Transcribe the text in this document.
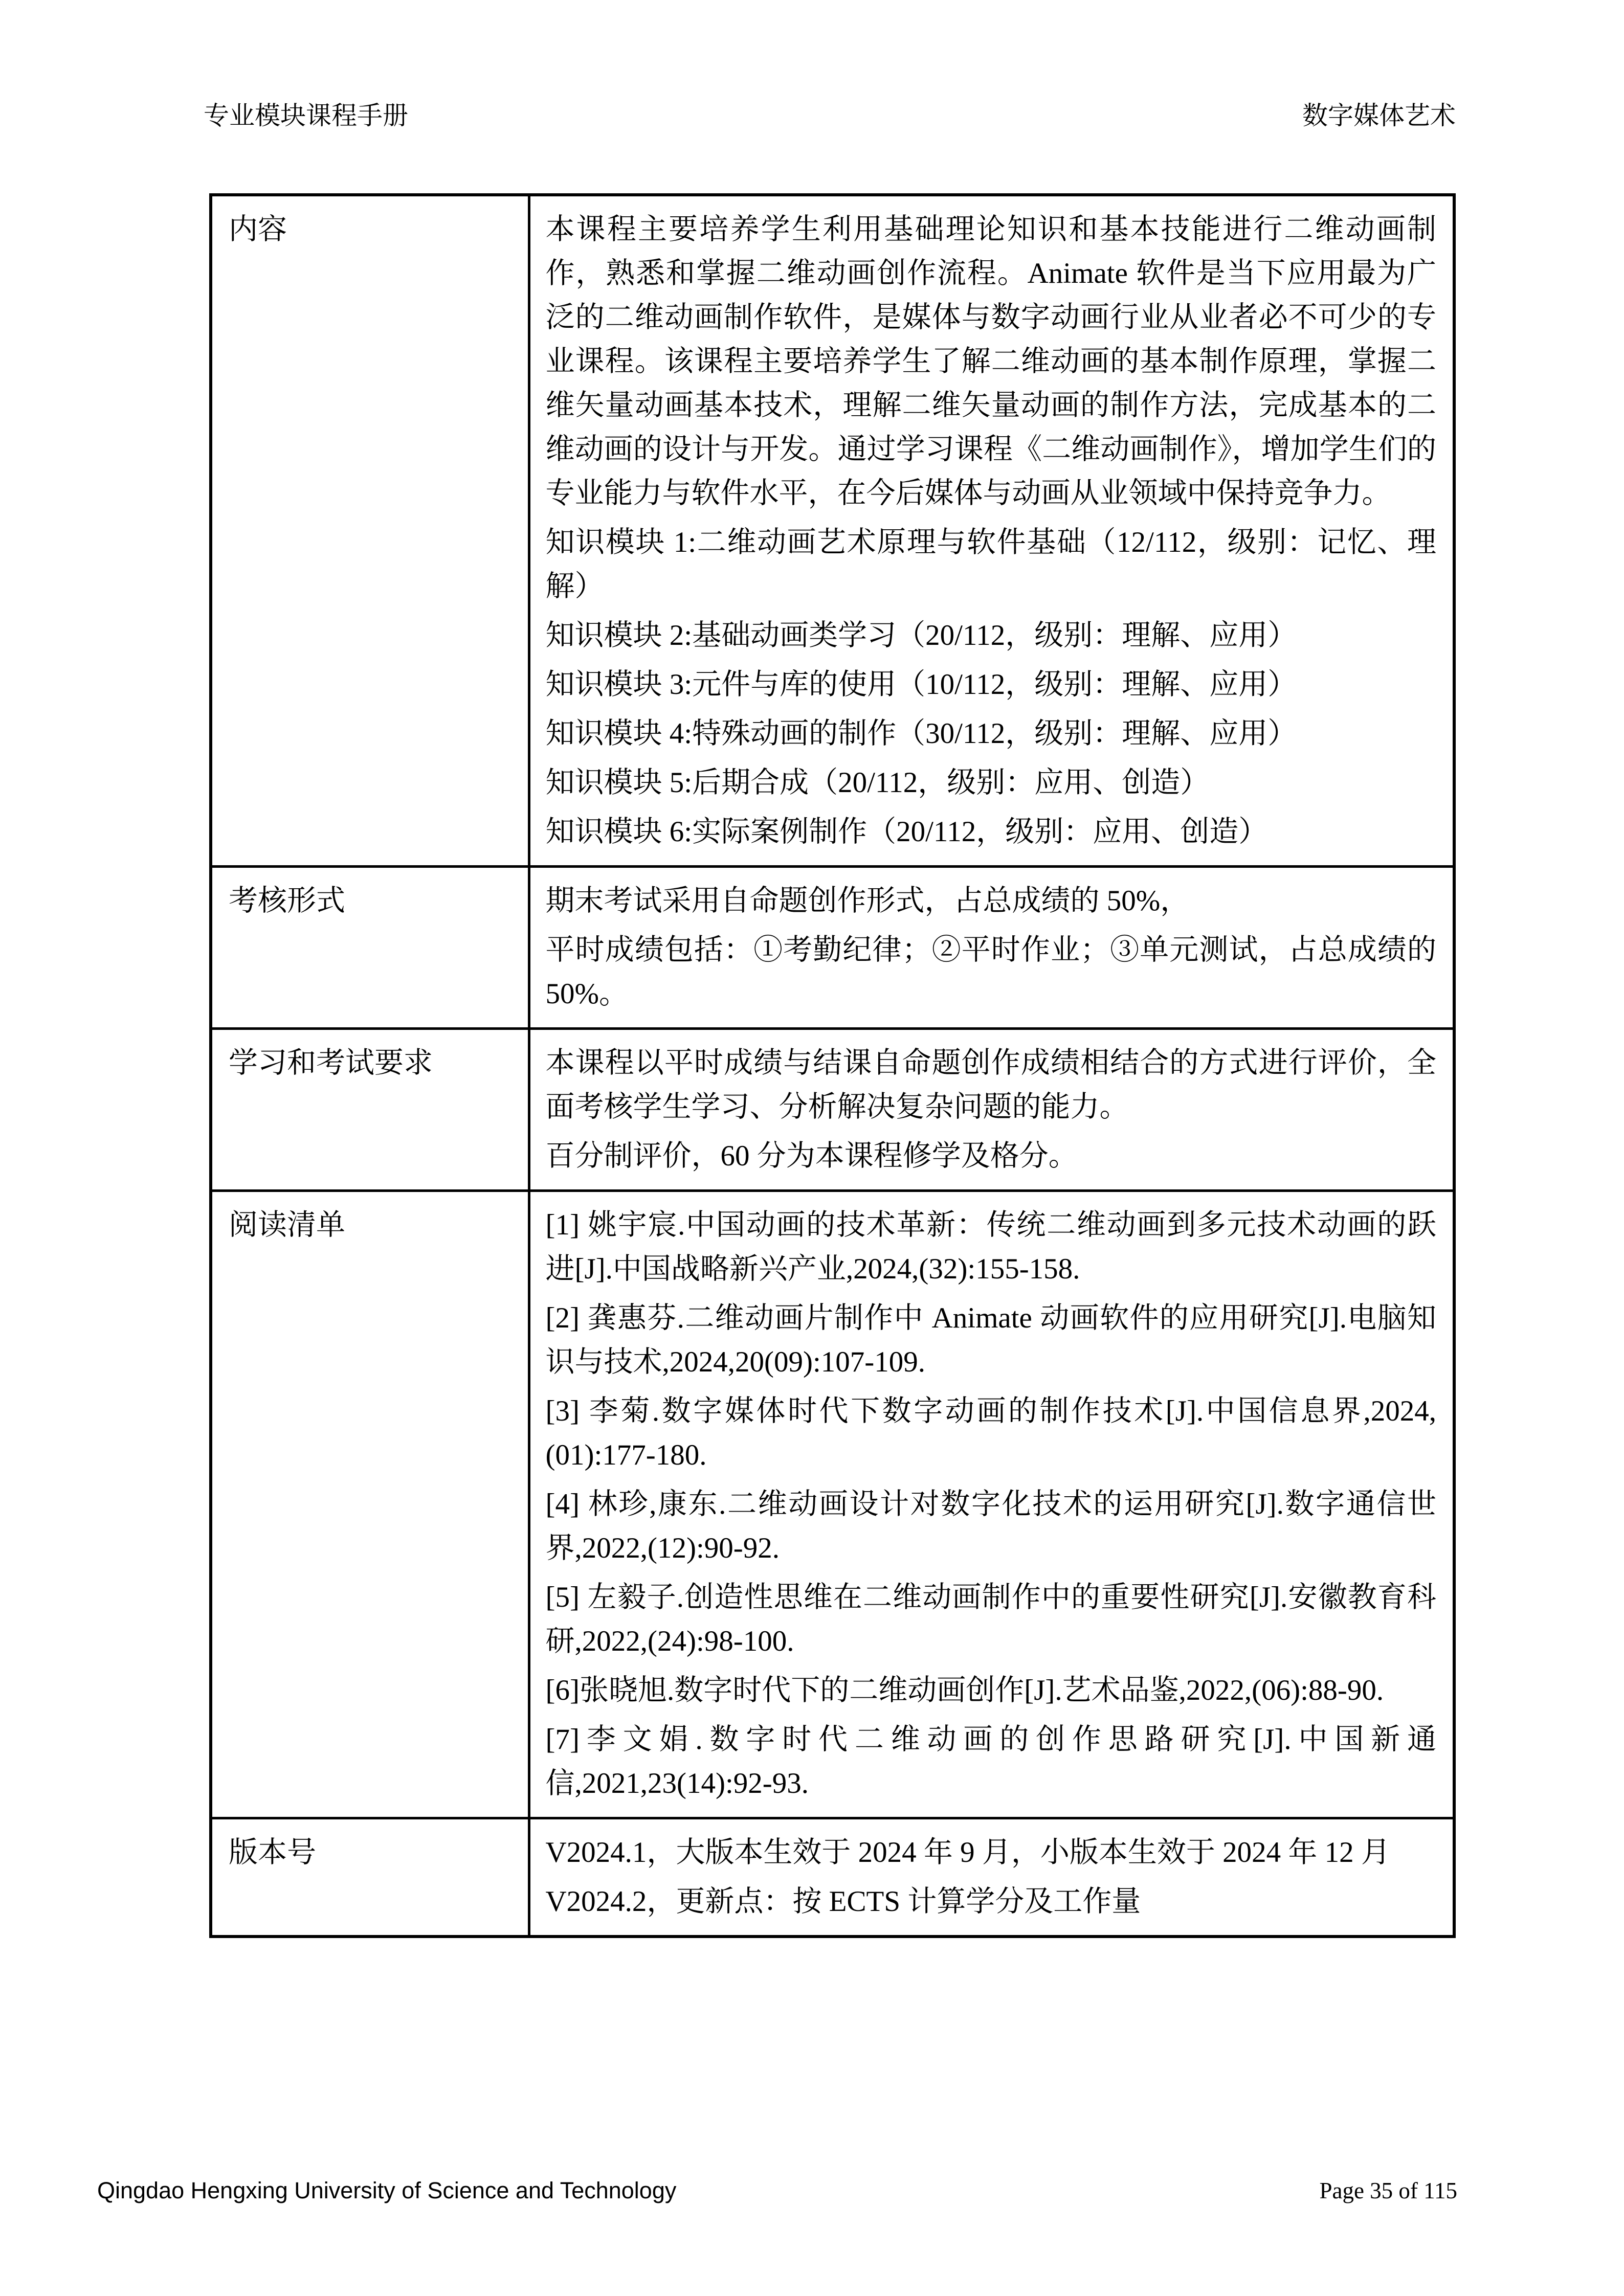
专业模块课程手册	数字媒体艺术
内容	本课程主要培养学生利用基础理论知识和基本技能进行二维动画制作，熟悉和掌握二维动画创作流程。Animate 软件是当下应用最为广泛的二维动画制作软件，是媒体与数字动画行业从业者必不可少的专业课程。该课程主要培养学生了解二维动画的基本制作原理，掌握二维矢量动画基本技术，理解二维矢量动画的制作方法，完成基本的二维动画的设计与开发。通过学习课程《二维动画制作》，增加学生们的专业能力与软件水平，在今后媒体与动画从业领域中保持竞争力。

知识模块 1:二维动画艺术原理与软件基础（12/112，级别：记忆、理解）

知识模块 2:基础动画类学习（20/112，级别：理解、应用）

知识模块 3:元件与库的使用（10/112，级别：理解、应用）

知识模块 4:特殊动画的制作（30/112，级别：理解、应用）

知识模块 5:后期合成（20/112，级别：应用、创造）

知识模块 6:实际案例制作（20/112，级别：应用、创造）

考核形式	期末考试采用自命题创作形式，占总成绩的 50%，

平时成绩包括：①考勤纪律；②平时作业；③单元测试，占总成绩的 50%。

学习和考试要求	本课程以平时成绩与结课自命题创作成绩相结合的方式进行评价，全面考核学生学习、分析解决复杂问题的能力。

百分制评价，60 分为本课程修学及格分。

阅读清单	[1] 姚宇宸.中国动画的技术革新：传统二维动画到多元技术动画的跃进[J].中国战略新兴产业,2024,(32):155-158.

[2] 龚惠芬.二维动画片制作中 Animate 动画软件的应用研究[J].电脑知识与技术,2024,20(09):107-109.

[3] 李菊.数字媒体时代下数字动画的制作技术[J].中国信息界,2024,(01):177-180.

[4] 林珍,康东.二维动画设计对数字化技术的运用研究[J].数字通信世界,2022,(12):90-92.

[5] 左毅子.创造性思维在二维动画制作中的重要性研究[J].安徽教育科研,2022,(24):98-100.

[6]张晓旭.数字时代下的二维动画创作[J].艺术品鉴,2022,(06):88-90.

[7]李文娟.数字时代二维动画的创作思路研究[J].中国新通信,2021,23(14):92-93.

版本号	V2024.1，大版本生效于 2024 年 9 月，小版本生效于 2024 年 12 月

V2024.2，更新点：按 ECTS 计算学分及工作量

Qingdao Hengxing University of Science and Technology	Page 35 of 115
